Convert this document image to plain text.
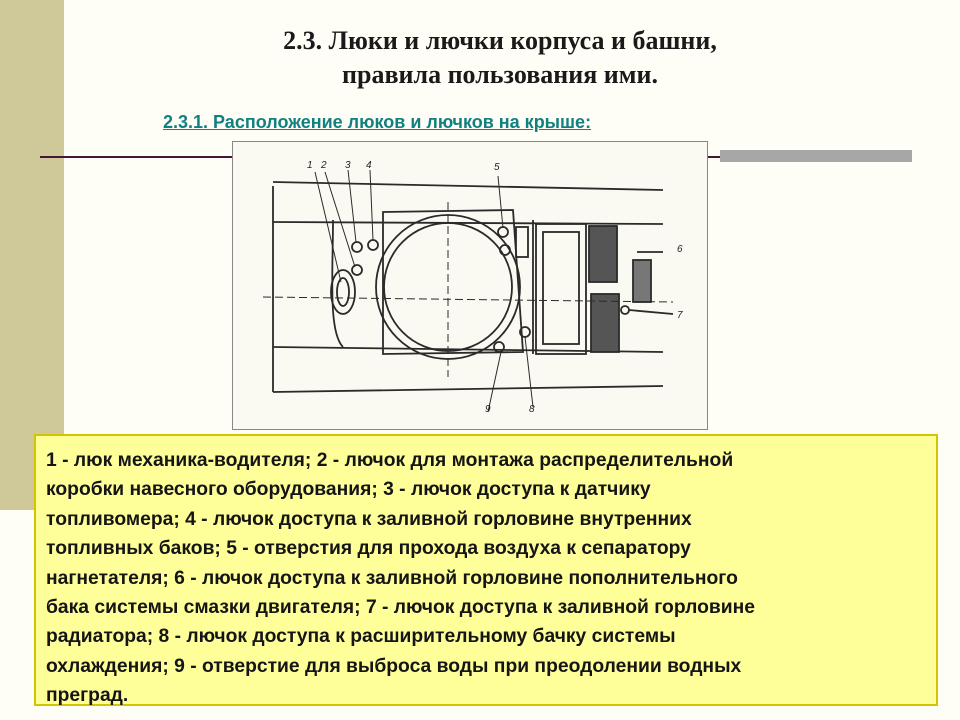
2.3. Люки и лючки корпуса и башни,
правила пользования ими.
2.3.1. Расположение люков и лючков на крыше:
1 2 3 4	5
6
7
8
9
1 - люк механика-водителя; 2 - лючок для монтажа распределительной
коробки навесного оборудования; 3 - лючок доступа к датчику
топливомера; 4 - лючок доступа к заливной горловине внутренних
топливных баков; 5 - отверстия для прохода воздуха к сепаратору
нагнетателя; 6 - лючок доступа к заливной горловине пополнительного
бака системы смазки двигателя; 7 - лючок доступа к заливной горловине
радиатора; 8 - лючок доступа к расширительному бачку системы
охлаждения; 9 - отверстие для выброса воды при преодолении водных
преград.
